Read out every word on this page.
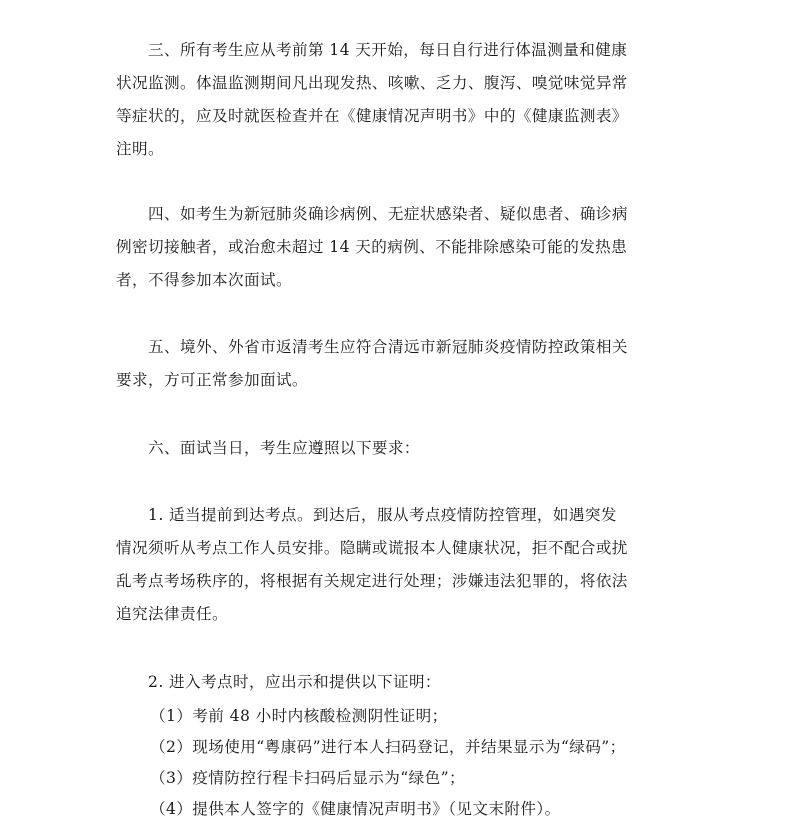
三、所有考生应从考前第 14 天开始，每日自行进行体温测量和健康
状况监测。体温监测期间凡出现发热、咳嗽、乏力、腹泻、嗅觉味觉异常
等症状的，应及时就医检查并在《健康情况声明书》中的《健康监测表》
注明。

四、如考生为新冠肺炎确诊病例、无症状感染者、疑似患者、确诊病
例密切接触者，或治愈未超过 14 天的病例、不能排除感染可能的发热患
者，不得参加本次面试。

五、境外、外省市返清考生应符合清远市新冠肺炎疫情防控政策相关
要求，方可正常参加面试。

六、面试当日，考生应遵照以下要求：

1. 适当提前到达考点。到达后，服从考点疫情防控管理，如遇突发
情况须听从考点工作人员安排。隐瞒或谎报本人健康状况，拒不配合或扰
乱考点考场秩序的，将根据有关规定进行处理；涉嫌违法犯罪的，将依法
追究法律责任。

2. 进入考点时，应出示和提供以下证明：

（1）考前 48 小时内核酸检测阴性证明；
（2）现场使用“粤康码”进行本人扫码登记，并结果显示为“绿码”；
（3）疫情防控行程卡扫码后显示为“绿色”；
（4）提供本人签字的《健康情况声明书》（见文末附件）。
